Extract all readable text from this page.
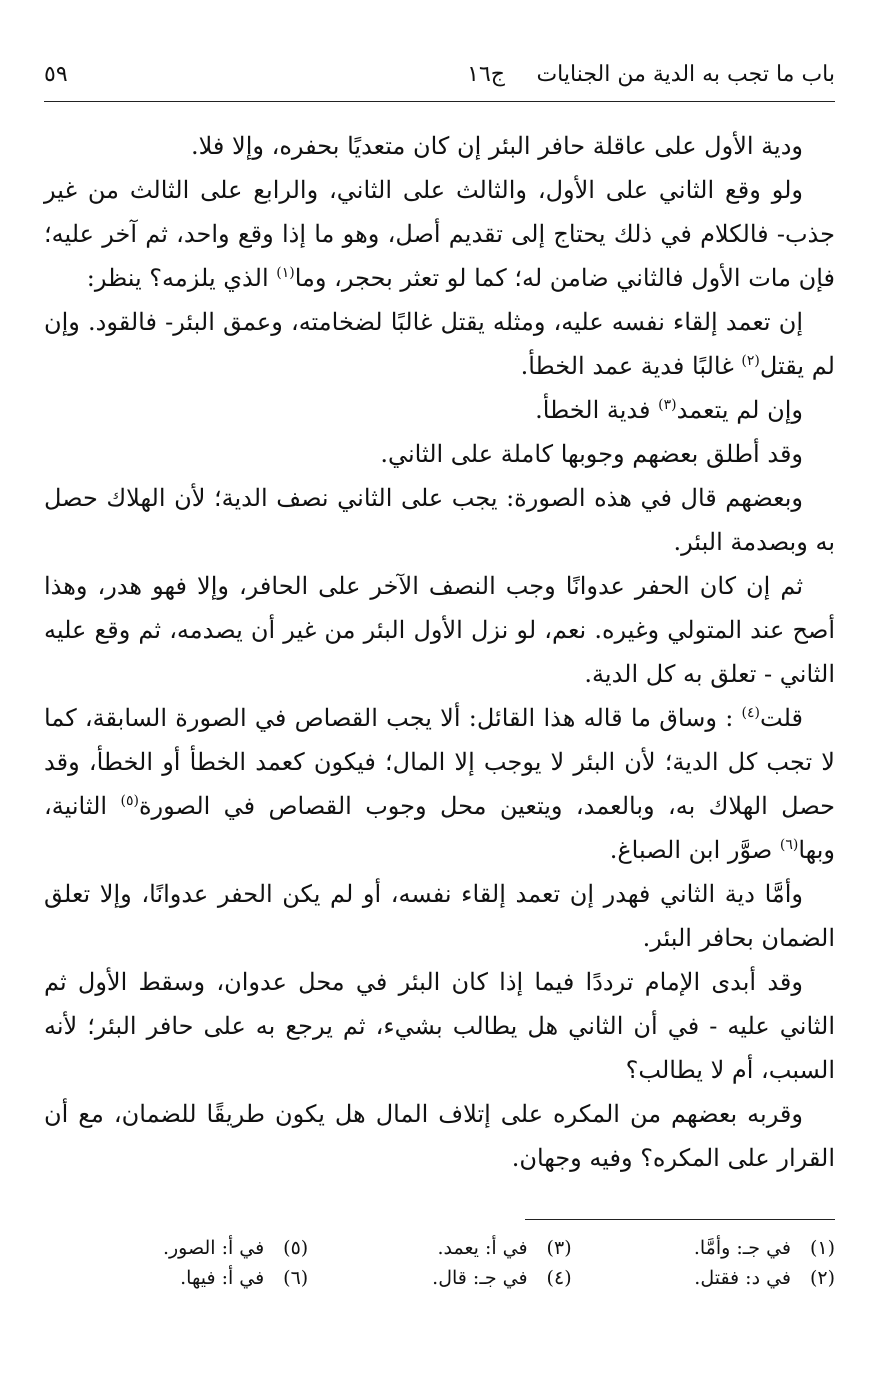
باب ما تجب به الدية من الجنايات
ج١٦
٥٩

ودية الأول على عاقلة حافر البئر إن كان متعديًا بحفره، وإلا فلا.

ولو وقع الثاني على الأول، والثالث على الثاني، والرابع على الثالث من غير جذب- فالكلام في ذلك يحتاج إلى تقديم أصل، وهو ما إذا وقع واحد، ثم آخر عليه؛ فإن مات الأول فالثاني ضامن له؛ كما لو تعثر بحجر، وما$^{(١)}$ الذي يلزمه؟ ينظر:

إن تعمد إلقاء نفسه عليه، ومثله يقتل غالبًا لضخامته، وعمق البئر- فالقود. وإن لم يقتل$^{(٢)}$ غالبًا فدية عمد الخطأ.

وإن لم يتعمد$^{(٣)}$ فدية الخطأ.

وقد أطلق بعضهم وجوبها كاملة على الثاني.

وبعضهم قال في هذه الصورة: يجب على الثاني نصف الدية؛ لأن الهلاك حصل به وبصدمة البئر.

ثم إن كان الحفر عدوانًا وجب النصف الآخر على الحافر، وإلا فهو هدر، وهذا أصح عند المتولي وغيره. نعم، لو نزل الأول البئر من غير أن يصدمه، ثم وقع عليه الثاني - تعلق به كل الدية.

قلت$^{(٤)}$ : وساق ما قاله هذا القائل: ألا يجب القصاص في الصورة السابقة، كما لا تجب كل الدية؛ لأن البئر لا يوجب إلا المال؛ فيكون كعمد الخطأ أو الخطأ، وقد حصل الهلاك به، وبالعمد، ويتعين محل وجوب القصاص في الصورة$^{(٥)}$ الثانية، وبها$^{(٦)}$ صوَّر ابن الصباغ.

وأمَّا دية الثاني فهدر إن تعمد إلقاء نفسه، أو لم يكن الحفر عدوانًا، وإلا تعلق الضمان بحافر البئر.

وقد أبدى الإمام ترددًا فيما إذا كان البئر في محل عدوان، وسقط الأول ثم الثاني عليه - في أن الثاني هل يطالب بشيء، ثم يرجع به على حافر البئر؛ لأنه السبب، أم لا يطالب؟

وقربه بعضهم من المكره على إتلاف المال هل يكون طريقًا للضمان، مع أن القرار على المكره؟ وفيه وجهان.

(١)في جـ: وأمَّا.
(٣)في أ: يعمد.
(٥)في أ: الصور.
(٢)في د: فقتل.
(٤)في جـ: قال.
(٦)في أ: فيها.
